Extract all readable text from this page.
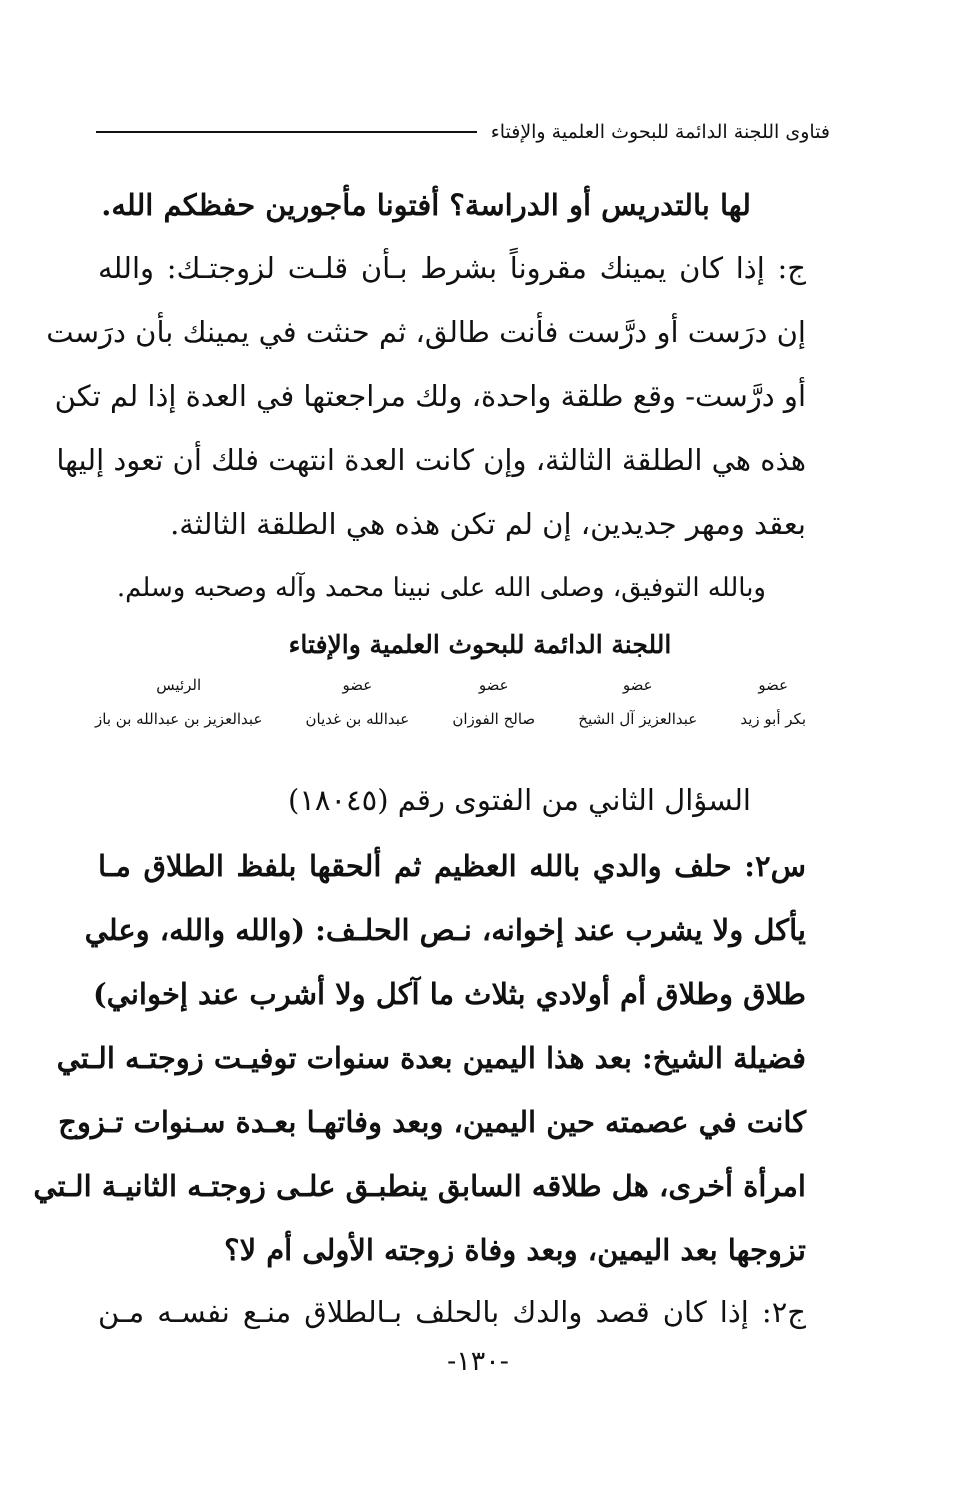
فتاوى اللجنة الدائمة للبحوث العلمية والإفتاء
لها بالتدريس أو الدراسة؟ أفتونا مأجورين حفظكم الله.
ج: إذا كان يمينك مقروناً بشرط بـأن قلـت لزوجتـك: والله
إن درَست أو درَّست فأنت طالق، ثم حنثت في يمينك بأن درَست
أو درَّست- وقع طلقة واحدة، ولك مراجعتها في العدة إذا لم تكن
هذه هي الطلقة الثالثة، وإن كانت العدة انتهت فلك أن تعود إليها
بعقد ومهر جديدين، إن لم تكن هذه هي الطلقة الثالثة.
وبالله التوفيق، وصلى الله على نبينا محمد وآله وصحبه وسلم.
اللجنة الدائمة للبحوث العلمية والإفتاء
عضو
بكر أبو زيد
عضو
عبدالعزيز آل الشيخ
عضو
صالح الفوزان
عضو
عبدالله بن غديان
الرئيس
عبدالعزيز بن عبدالله بن باز
السؤال الثاني من الفتوى رقم (١٨٠٤٥)
س٢: حلف والدي بالله العظيم ثم ألحقها بلفظ الطلاق مـا
يأكل ولا يشرب عند إخوانه، نـص الحلـف: (والله والله، وعلي
طلاق وطلاق أم أولادي بثلاث ما آكل ولا أشرب عند إخواني)
فضيلة الشيخ: بعد هذا اليمين بعدة سنوات توفيـت زوجتـه الـتي
كانت في عصمته حين اليمين، وبعد وفاتهـا بعـدة سـنوات تـزوج
امرأة أخرى، هل طلاقه السابق ينطبـق علـى زوجتـه الثانيـة الـتي
تزوجها بعد اليمين، وبعد وفاة زوجته الأولى أم لا؟
ج٢: إذا كان قصد والدك بالحلف بـالطلاق منـع نفسـه مـن
-١٣٠-
